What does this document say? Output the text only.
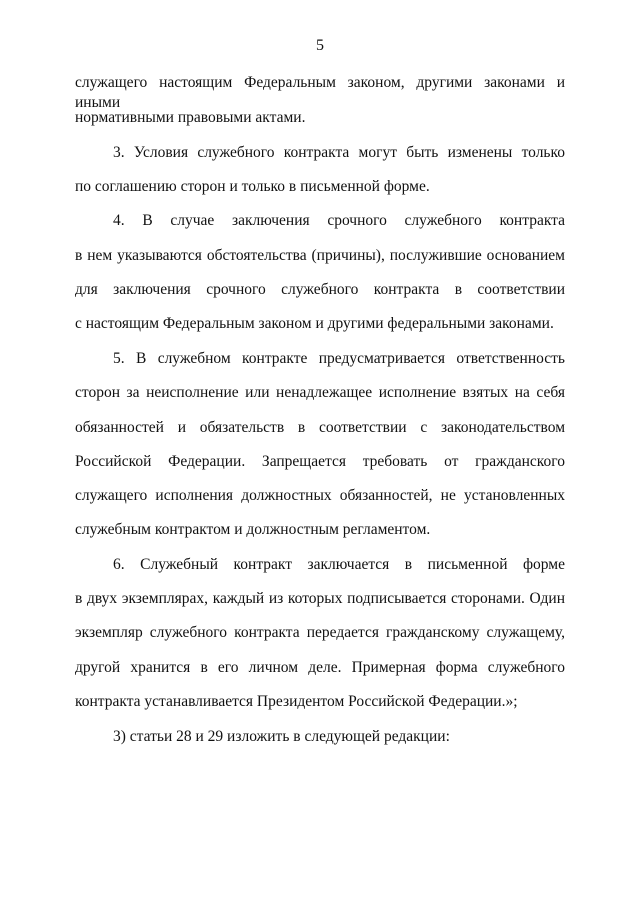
5
служащего настоящим Федеральным законом, другими законами и иными
нормативными правовыми актами.
3. Условия служебного контракта могут быть изменены только
по соглашению сторон и только в письменной форме.
4. В случае заключения срочного служебного контракта
в нем указываются обстоятельства (причины), послужившие основанием
для заключения срочного служебного контракта в соответствии
с настоящим Федеральным законом и другими федеральными законами.
5. В служебном контракте предусматривается ответственность
сторон за неисполнение или ненадлежащее исполнение взятых на себя
обязанностей и обязательств в соответствии с законодательством
Российской Федерации. Запрещается требовать от гражданского
служащего исполнения должностных обязанностей, не установленных
служебным контрактом и должностным регламентом.
6. Служебный контракт заключается в письменной форме
в двух экземплярах, каждый из которых подписывается сторонами. Один
экземпляр служебного контракта передается гражданскому служащему,
другой хранится в его личном деле. Примерная форма служебного
контракта устанавливается Президентом Российской Федерации.»;
3) статьи 28 и 29 изложить в следующей редакции:
